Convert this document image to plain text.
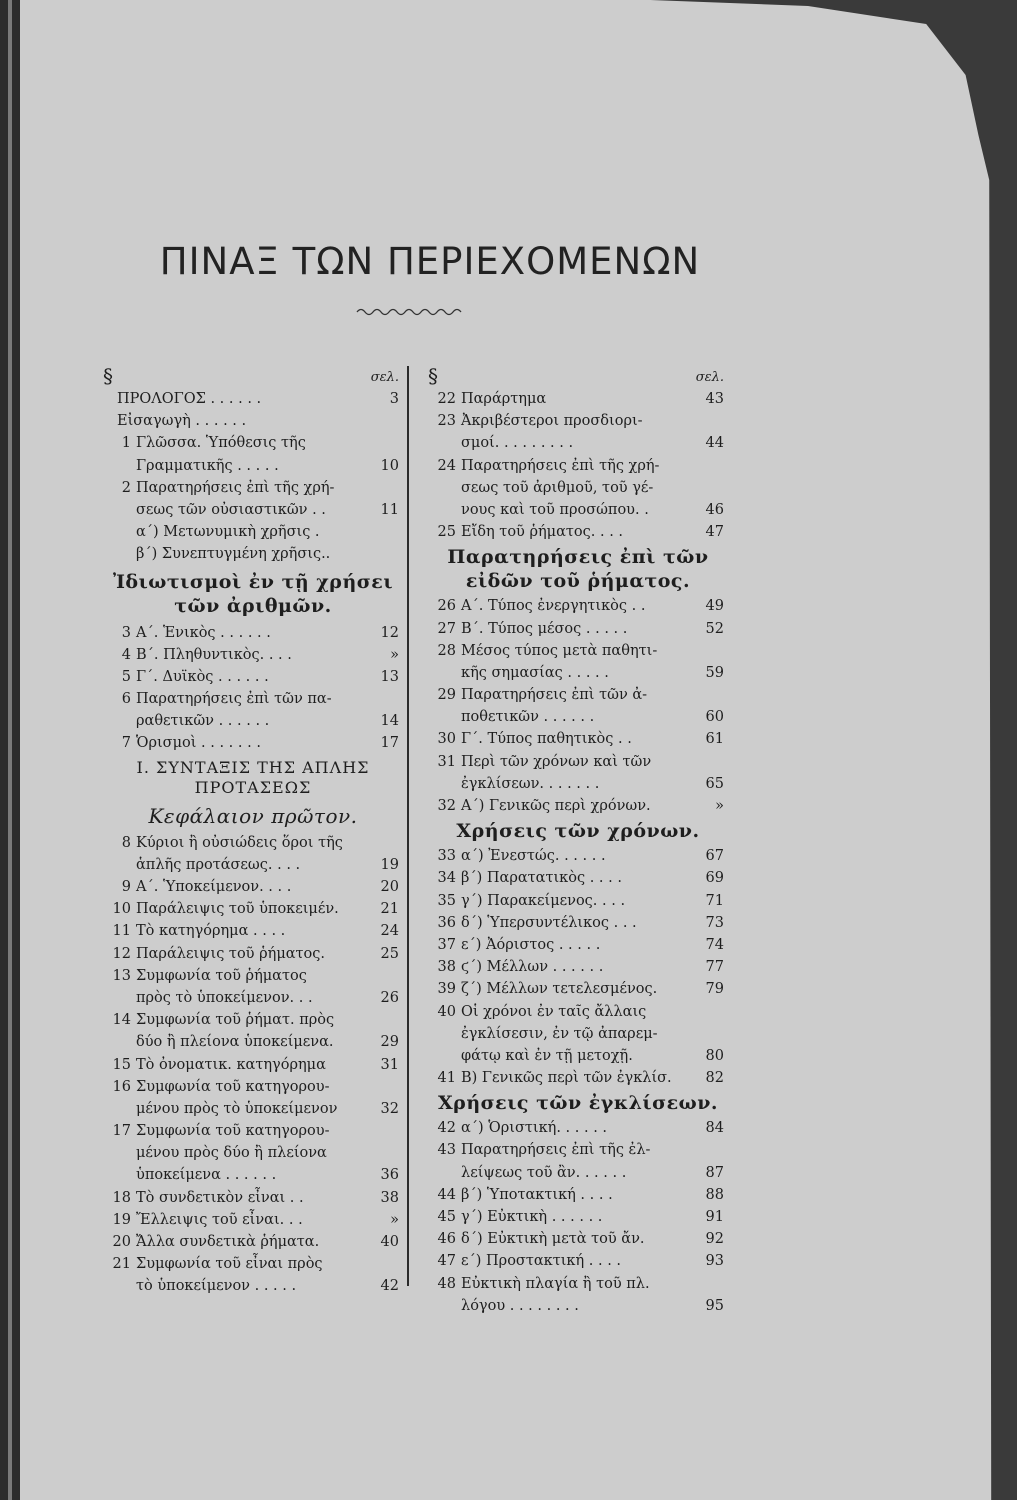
ΠΙΝΑΞ ΤΩΝ ΠΕΡΙΕΧΟΜΕΝΩΝ
§	σελ.
ΠΡΟΛΟΓΟΣ . . . . . .	3
Εἰσαγωγὴ . . . . . .
1 Γλῶσσα. Ὑπόθεσις τῆς
Γραμματικῆς . . . . .	10
2 Παρατηρήσεις ἐπὶ τῆς χρή-
σεως τῶν οὐσιαστικῶν . .	11
α΄) Μετωνυμικὴ χρῆσις .
β΄) Συνεπτυγμένη χρῆσις..
Ἰδιωτισμοὶ ἐν τῇ χρήσει
τῶν ἀριθμῶν.
3 Α΄. Ἑνικὸς . . . . . .	12
4 Β΄. Πληθυντικὸς. . . .	»
5 Γ΄. Δυϊκὸς . . . . . .	13
6 Παρατηρήσεις ἐπὶ τῶν πα-
ραθετικῶν . . . . . .	14
7 Ὁρισμοὶ . . . . . . .	17
I. ΣΥΝΤΑΞΙΣ ΤΗΣ ΑΠΛΗΣ
ΠΡΟΤΑΣΕΩΣ
Κεφάλαιον πρῶτον.
8 Κύριοι ἢ οὐσιώδεις ὅροι τῆς
ἁπλῆς προτάσεως. . . .	19
9 Α΄. Ὑποκείμενον. . . .	20
10 Παράλειψις τοῦ ὑποκειμέν.	21
11 Τὸ κατηγόρημα . . . .	24
12 Παράλειψις τοῦ ῥήματος.	25
13 Συμφωνία τοῦ ῥήματος
πρὸς τὸ ὑποκείμενον. . .	26
14 Συμφωνία τοῦ ῥήματ. πρὸς
δύο ἢ πλείονα ὑποκείμενα.	29
15 Τὸ ὀνοματικ. κατηγόρημα	31
16 Συμφωνία τοῦ κατηγορου-
μένου πρὸς τὸ ὑποκείμενον	32
17 Συμφωνία τοῦ κατηγορου-
μένου πρὸς δύο ἢ πλείονα
ὑποκείμενα . . . . . .	36
18 Τὸ συνδετικὸν εἶναι . .	38
19 Ἔλλειψις τοῦ εἶναι. . .	»
20 Ἄλλα συνδετικὰ ῥήματα.	40
21 Συμφωνία τοῦ εἶναι πρὸς
τὸ ὑποκείμενον . . . . .	42
§	σελ.
22 Παράρτημα	43
23 Ἀκριβέστεροι προσδιορι-
σμοί. . . . . . . . .	44
24 Παρατηρήσεις ἐπὶ τῆς χρή-
σεως τοῦ ἀριθμοῦ, τοῦ γέ-
νους καὶ τοῦ προσώπου. .	46
25 Εἴδη τοῦ ῥήματος. . . .	47
Παρατηρήσεις ἐπὶ τῶν
εἰδῶν τοῦ ῥήματος.
26 Α΄. Τύπος ἐνεργητικὸς . .	49
27 Β΄. Τύπος μέσος . . . . .	52
28 Μέσος τύπος μετὰ παθητι-
κῆς σημασίας . . . . .	59
29 Παρατηρήσεις ἐπὶ τῶν ἀ-
ποθετικῶν . . . . . .	60
30 Γ΄. Τύπος παθητικὸς . .	61
31 Περὶ τῶν χρόνων καὶ τῶν
ἐγκλίσεων. . . . . . .	65
32 Α΄) Γενικῶς περὶ χρόνων.	»
Χρήσεις τῶν χρόνων.
33 α΄) Ἐνεστώς. . . . . .	67
34 β΄) Παρατατικὸς . . . .	69
35 γ΄) Παρακείμενος. . . .	71
36 δ΄) Ὑπερσυντέλικος . . .	73
37 ε΄) Ἀόριστος . . . . .	74
38 ϛ΄) Μέλλων . . . . . .	77
39 ζ΄) Μέλλων τετελεσμένος.	79
40 Οἱ χρόνοι ἐν ταῖς ἄλλαις
ἐγκλίσεσιν, ἐν τῷ ἀπαρεμ-
φάτῳ καὶ ἐν τῇ μετοχῇ.	80
41 Β) Γενικῶς περὶ τῶν ἐγκλίσ.	82
Χρήσεις τῶν ἐγκλίσεων.
42 α΄) Ὁριστική. . . . . .	84
43 Παρατηρήσεις ἐπὶ τῆς ἐλ-
λείψεως τοῦ ἂν. . . . . .	87
44 β΄) Ὑποτακτική . . . .	88
45 γ΄) Εὐκτικὴ . . . . . .	91
46 δ΄) Εὐκτικὴ μετὰ τοῦ ἄν.	92
47 ε΄) Προστακτική . . . .	93
48 Εὐκτικὴ πλαγία ἢ τοῦ πλ.
λόγου . . . . . . . .	95
